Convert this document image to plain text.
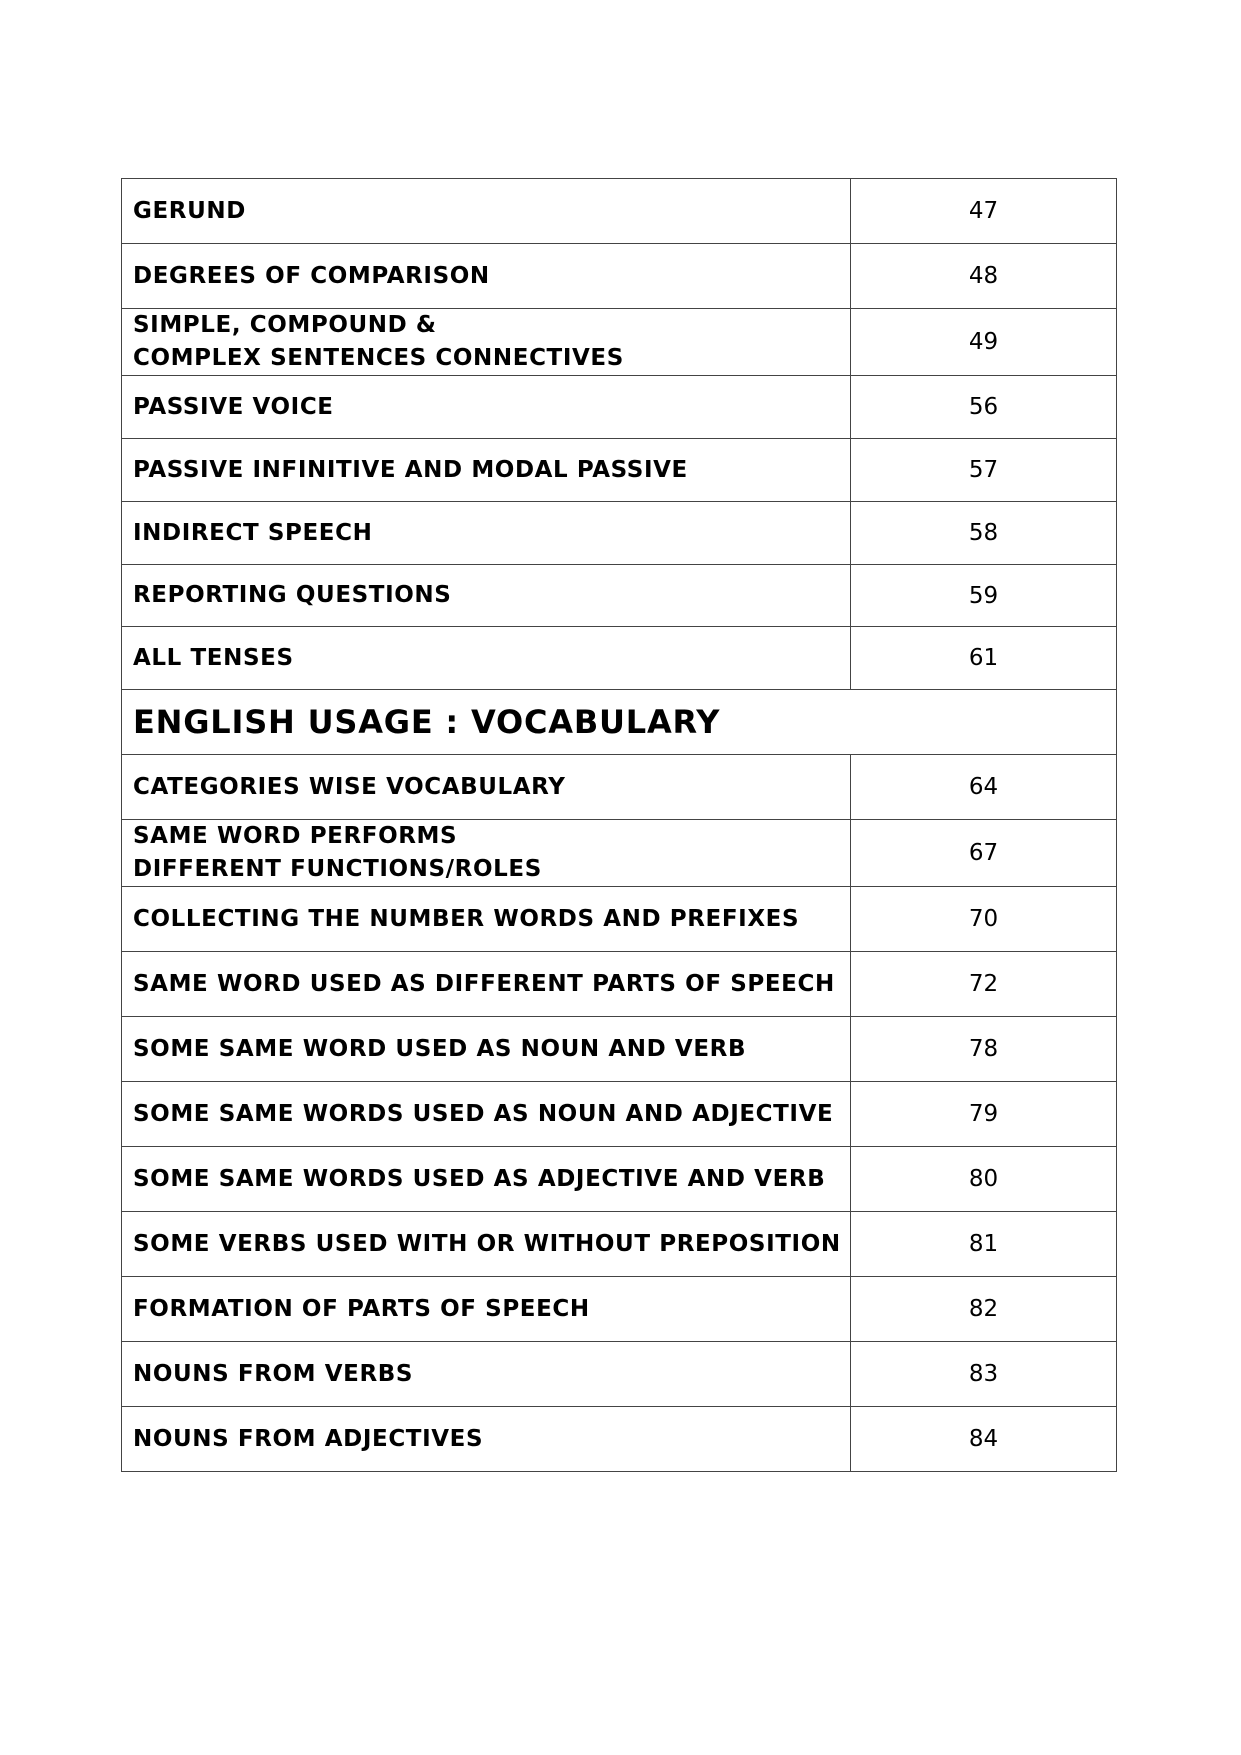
GERUND	47
DEGREES OF COMPARISON	48

SIMPLE, COMPOUND &
COMPLEX SENTENCES CONNECTIVES	49
PASSIVE VOICE	56
PASSIVE INFINITIVE AND MODAL PASSIVE	57
INDIRECT SPEECH	58
REPORTING QUESTIONS	59
ALL TENSES	61
ENGLISH USAGE : VOCABULARY	
CATEGORIES WISE VOCABULARY	64

SAME WORD PERFORMS
DIFFERENT FUNCTIONS/ROLES	67
COLLECTING THE NUMBER WORDS AND PREFIXES	70
SAME WORD USED AS DIFFERENT PARTS OF SPEECH	72
SOME SAME WORD USED AS NOUN AND VERB	78
SOME SAME WORDS USED AS NOUN AND ADJECTIVE	79
SOME SAME WORDS USED AS ADJECTIVE AND VERB	80
SOME VERBS USED WITH OR WITHOUT PREPOSITION	81
FORMATION OF PARTS OF SPEECH	82
NOUNS FROM VERBS	83
NOUNS FROM ADJECTIVES	84
